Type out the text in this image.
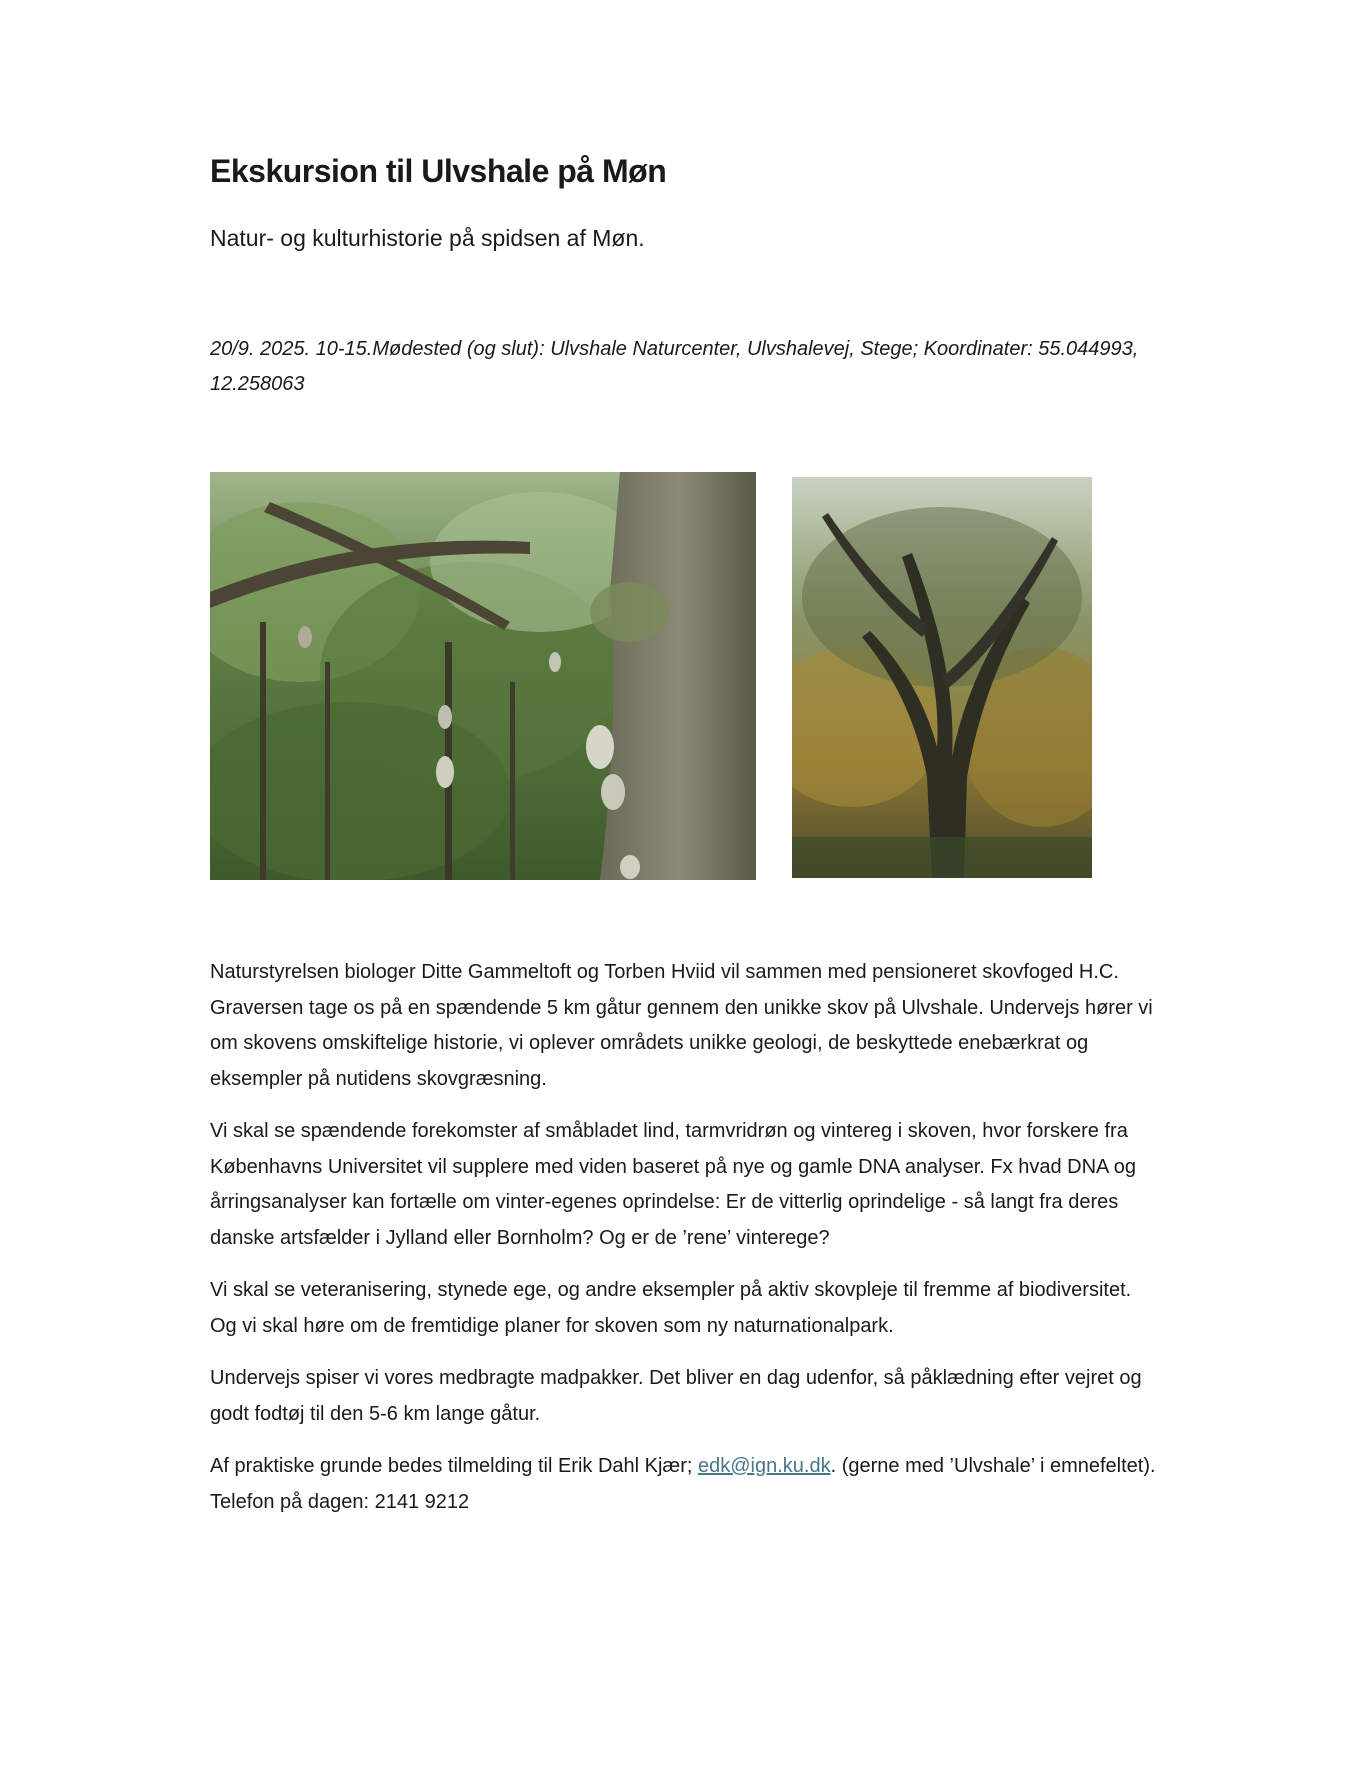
Ekskursion til Ulvshale på Møn

Natur- og kulturhistorie på spidsen af Møn.

20/9. 2025. 10-15.Mødested (og slut): Ulvshale Naturcenter, Ulvshalevej, Stege; Koordinater: 55.044993, 12.258063

Naturstyrelsen biologer Ditte Gammeltoft og Torben Hviid vil sammen med pensioneret skovfoged H.C. Graversen tage os på en spændende 5 km gåtur gennem den unikke skov på Ulvshale. Undervejs hører vi om skovens omskiftelige historie, vi oplever områdets unikke geologi, de beskyttede enebærkrat og eksempler på nutidens skovgræsning.

Vi skal se spændende forekomster af småbladet lind, tarmvridrøn og vintereg i skoven, hvor forskere fra Københavns Universitet vil supplere med viden baseret på nye og gamle DNA analyser. Fx hvad DNA og årringsanalyser kan fortælle om vinter-egenes oprindelse: Er de vitterlig oprindelige - så langt fra deres danske artsfælder i Jylland eller Bornholm? Og er de ’rene’ vinterege?

Vi skal se veteranisering, stynede ege, og andre eksempler på aktiv skovpleje til fremme af biodiversitet. Og vi skal høre om de fremtidige planer for skoven som ny naturnationalpark.

Undervejs spiser vi vores medbragte madpakker. Det bliver en dag udenfor, så påklædning efter vejret og godt fodtøj til den 5-6 km lange gåtur.

Af praktiske grunde bedes tilmelding til Erik Dahl Kjær; edk@ign.ku.dk. (gerne med ’Ulvshale’ i emnefeltet). Telefon på dagen: 2141 9212
